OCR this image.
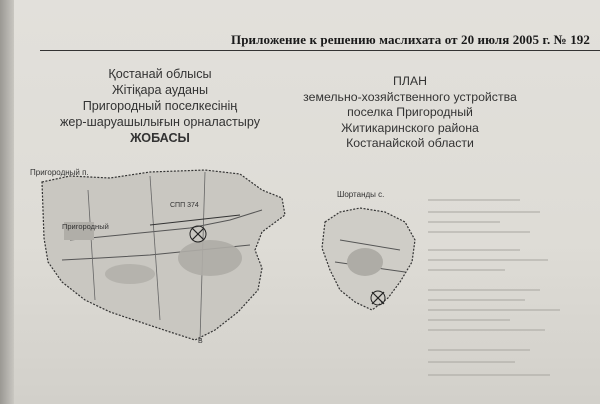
Приложение к решению маслихата от 20 июля 2005 г. № 192
Қостанай облысы
Жітіқара ауданы
Пригородный поселкесінің
жер-шаруашылығын орналастыру
ЖОБАСЫ
ПЛАН
земельно-хозяйственного устройства
поселка Пригородный
Житикаринского района
Костанайской области
Пригородный п.
Пригородный
СПП 374
В
Шортанды с.
